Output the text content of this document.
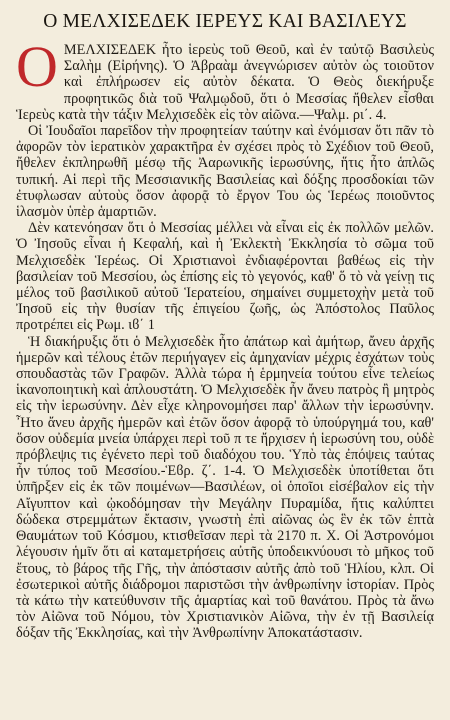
Ο ΜΕΛΧΙΣΕΔΕΚ ΙΕΡΕΥΣ ΚΑΙ ΒΑΣΙΛΕΥΣ

Ο ΜΕΛΧΙΣΕΔΕΚ ἦτο ἱερεὺς τοῦ Θεοῦ, καὶ ἐν ταὐτῷ Βασιλεὺς Σαλὴμ (Εἰρήνης). Ὁ Ἀβραὰμ ἀνεγνώρισεν αὐτὸν ὡς τοιοῦτον καὶ ἐπλήρωσεν εἰς αὐτὸν δέκατα. Ὁ Θεὸς διεκήρυξε προφητικῶς διὰ τοῦ Ψαλμῳδοῦ, ὅτι ὁ Μεσσίας ἤθελεν εἶσθαι Ἱερεὺς κατὰ τὴν τάξιν Μελχισεδὲκ εἰς τὸν αἰῶνα.—Ψαλμ. ρι΄. 4.

Οἱ Ἰουδαῖοι παρεῖδον τὴν προφητείαν ταύτην καὶ ἐνόμισαν ὅτι πᾶν τὸ ἀφορῶν τὸν ἱερατικὸν χαρακτῆρα ἐν σχέσει πρὸς τὸ Σχέδιον τοῦ Θεοῦ, ἤθελεν ἐκπληρωθῆ μέσῳ τῆς Ἀαρωνικῆς ἱερωσύνης, ἥτις ἦτο ἁπλῶς τυπική. Αἱ περὶ τῆς Μεσσιανικῆς Βασιλείας καὶ δόξης προσδοκίαι τῶν ἐτυφλωσαν αὐτοὺς ὅσον ἀφορᾷ τὸ ἔργον Του ὡς Ἱερέως ποιοῦντος ἱλασμὸν ὑπὲρ ἁμαρτιῶν.

Δὲν κατενόησαν ὅτι ὁ Μεσσίας μέλλει νὰ εἶναι εἰς ἐκ πολλῶν μελῶν. Ὁ Ἰησοῦς εἶναι ἡ Κεφαλή, καὶ ἡ Ἐκλεκτὴ Ἐκκλησία τὸ σῶμα τοῦ Μελχισεδὲκ Ἱερέως. Οἱ Χριστιανοὶ ἐνδιαφέρονται βαθέως εἰς τὴν βασιλείαν τοῦ Μεσσίου, ὡς ἐπίσης εἰς τὸ γεγονός, καθ' ὅ τὸ νὰ γείνῃ τις μέλος τοῦ βασιλικοῦ αὐτοῦ Ἱερατείου, σημαίνει συμμετοχὴν μετὰ τοῦ Ἰησοῦ εἰς τὴν θυσίαν τῆς ἐπιγείου ζωῆς, ὡς Ἀπόστολος Παῦλος προτρέπει εἰς Ρωμ. ιϐ΄ 1

Ἡ διακήρυξις ὅτι ὁ Μελχισεδὲκ ἦτο ἀπάτωρ καὶ ἀμήτωρ, ἄνευ ἀρχῆς ἡμερῶν καὶ τέλους ἐτῶν περιήγαγεν εἰς ἀμηχανίαν μέχρις ἐσχάτων τοὺς σπουδαστὰς τῶν Γραφῶν. Ἀλλὰ τώρα ἡ ἑρμηνεία τούτου εἶνε τελείως ἱκανοποιητικὴ καὶ ἁπλουστάτη. Ὁ Μελχισεδὲκ ἦν ἄνευ πατρὸς ἢ μητρὸς εἰς τὴν ἱερωσύνην. Δὲν εἶχε κληρονομήσει παρ' ἄλλων τὴν ἱερωσύνην. Ἦτο ἄνευ ἀρχῆς ἡμερῶν καὶ ἐτῶν ὅσον ἀφορᾷ τὸ ὑπούργημά του, καθ' ὅσον οὐδεμία μνεία ὑπάρχει περὶ τοῦ π τε ἤρχισεν ἡ ἱερωσύνη του, οὐδὲ πρόβλεψις τις ἐγένετο περὶ τοῦ διαδόχου του. Ὑπὸ τὰς ἐπόψεις ταύτας ἦν τύπος τοῦ Μεσσίου.-Ἑϐρ. ζ΄. 1-4. Ὁ Μελχισεδὲκ ὑποτίθεται ὅτι ὑπῆρξεν εἰς ἐκ τῶν ποιμένων—Βασιλέων, οἱ ὁποῖοι εἰσέβαλον εἰς τὴν Αἴγυπτον καὶ ᾠκοδόμησαν τὴν Μεγάλην Πυραμίδα, ἥτις καλύπτει δώδεκα στρεμμάτων ἔκτασιν, γνωστὴ ἐπὶ αἰῶνας ὡς ἓν ἐκ τῶν ἑπτὰ Θαυμάτων τοῦ Κόσμου, κτισθεῖσαν περὶ τὰ 2170 π. Χ. Οἱ Ἀστρονόμοι λέγουσιν ἡμῖν ὅτι αἱ καταμετρήσεις αὐτῆς ὑποδεικνύουσι τὸ μῆκος τοῦ ἔτους, τὸ βάρος τῆς Γῆς, τὴν ἀπόστασιν αὐτῆς ἀπὸ τοῦ Ἡλίου, κλπ. Οἱ ἐσωτερικοὶ αὐτῆς διάδρομοι παριστῶσι τὴν ἀνθρωπίνην ἱστορίαν. Πρὸς τὰ κάτω τὴν κατεύθυνσιν τῆς ἁμαρτίας καὶ τοῦ θανάτου. Πρὸς τὰ ἄνω τὸν Αἰῶνα τοῦ Νόμου, τὸν Χριστιανικὸν Αἰῶνα, τὴν ἐν τῇ Βασιλείᾳ δόξαν τῆς Ἐκκλησίας, καὶ τὴν Ἀνθρωπίνην Ἀποκατάστασιν.
